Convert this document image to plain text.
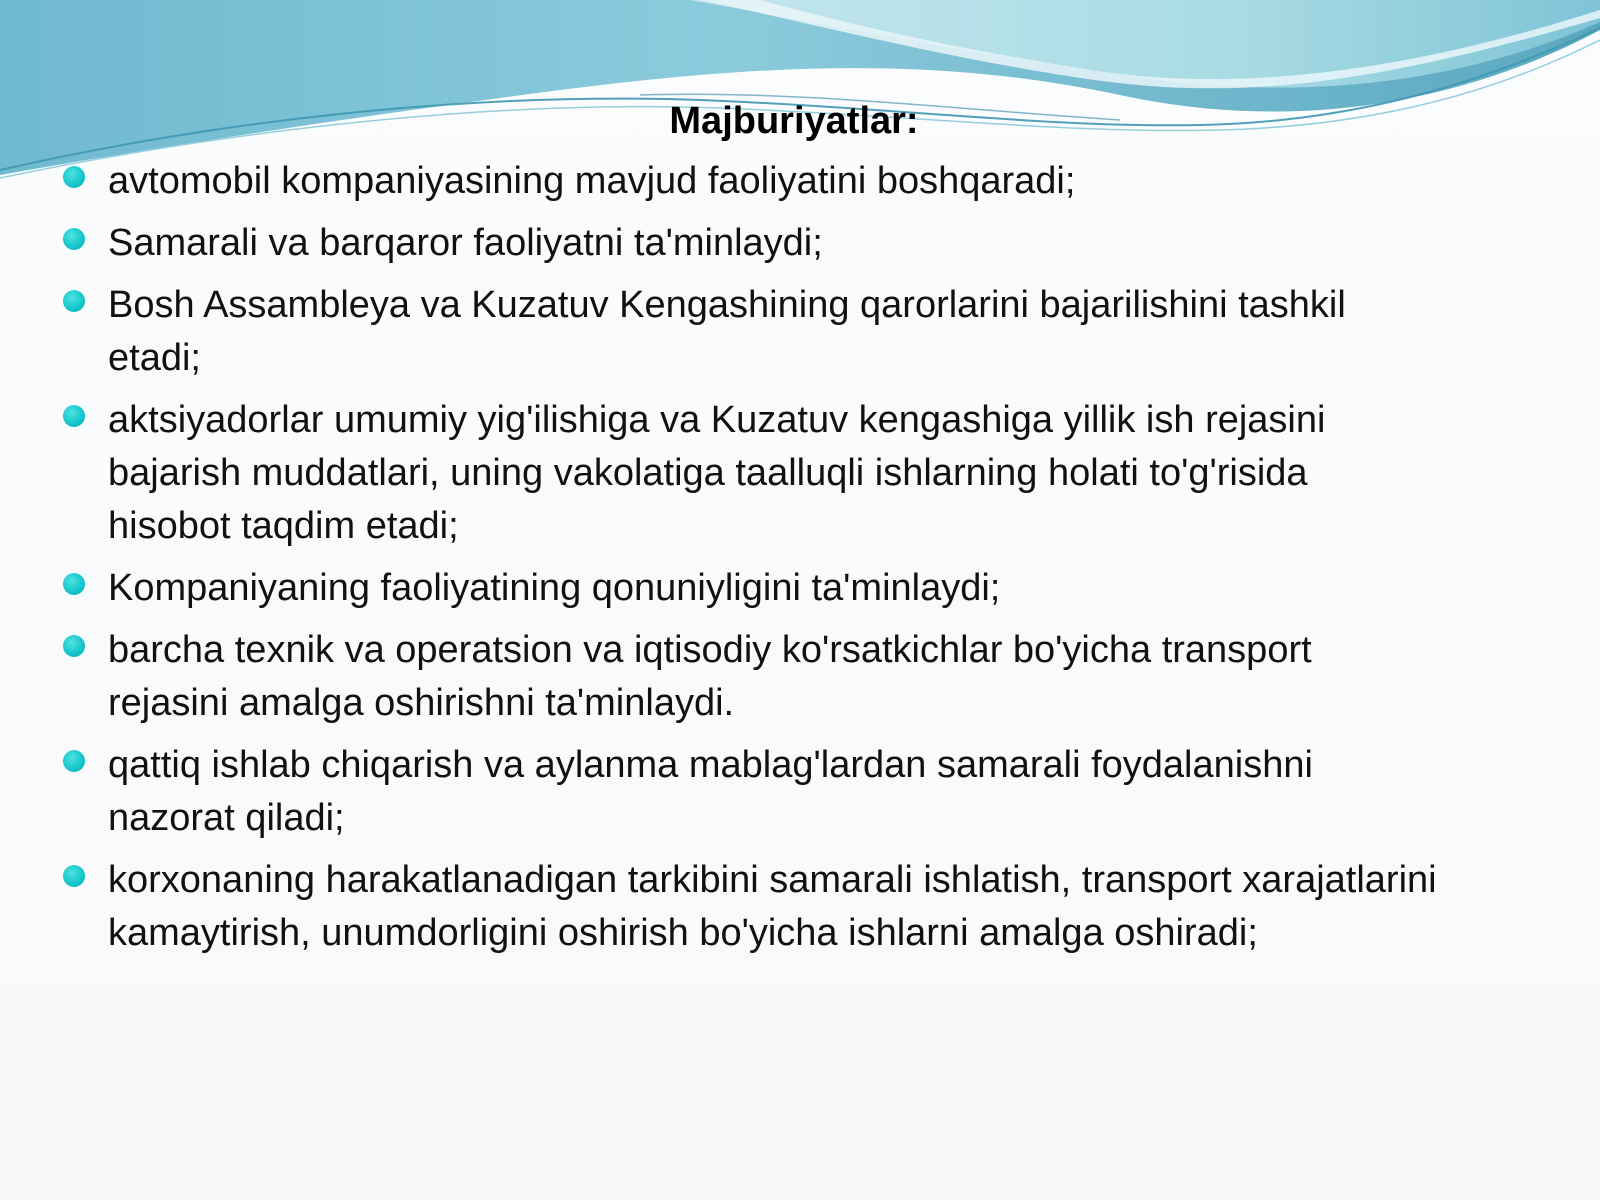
Majburiyatlar:
avtomobil kompaniyasining mavjud faoliyatini boshqaradi;
Samarali va barqaror faoliyatni ta'minlaydi;
Bosh Assambleya va Kuzatuv Kengashining qarorlarini bajarilishini tashkil etadi;
aktsiyadorlar umumiy yig'ilishiga va Kuzatuv kengashiga yillik ish rejasini bajarish muddatlari, uning vakolatiga taalluqli ishlarning holati to'g'risida hisobot taqdim etadi;
Kompaniyaning faoliyatining qonuniyligini ta'minlaydi;
barcha texnik va operatsion va iqtisodiy ko'rsatkichlar bo'yicha transport rejasini amalga oshirishni ta'minlaydi.
qattiq ishlab chiqarish va aylanma mablag'lardan samarali foydalanishni nazorat qiladi;
korxonaning harakatlanadigan tarkibini samarali ishlatish, transport xarajatlarini kamaytirish, unumdorligini oshirish bo'yicha ishlarni amalga oshiradi;
